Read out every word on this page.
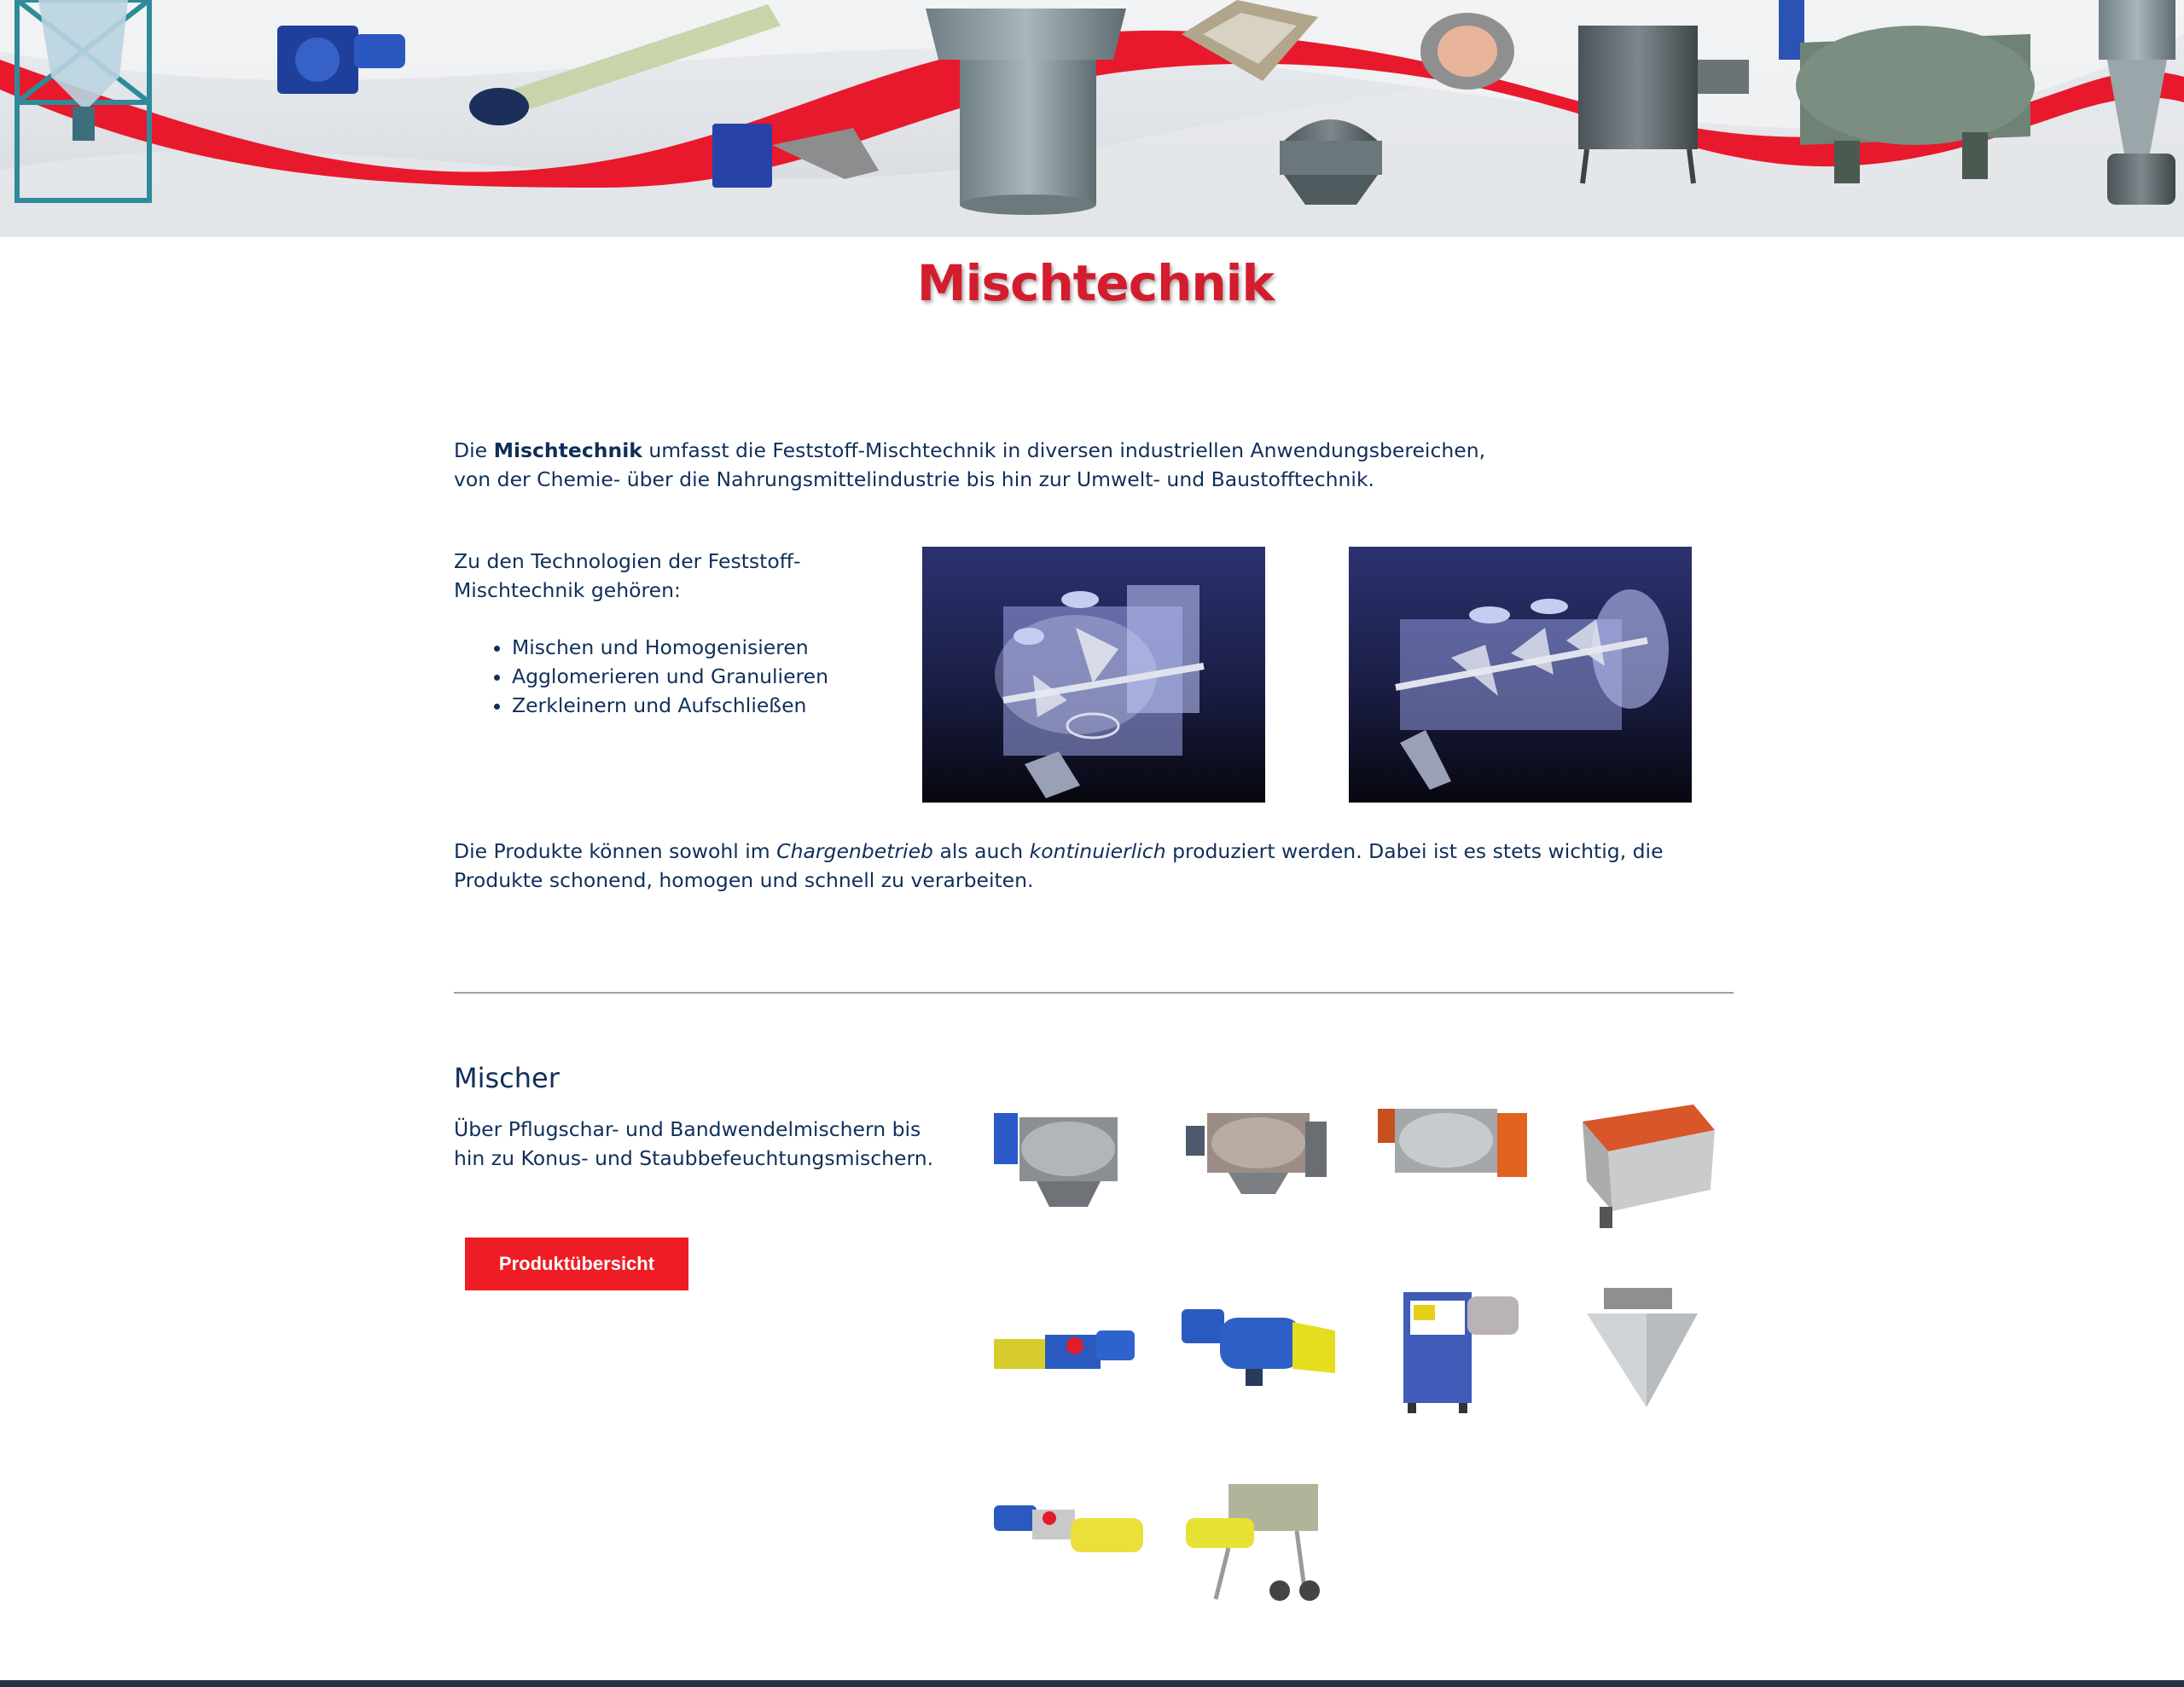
Mischtechnik

Die Mischtechnik umfasst die Feststoff-Mischtechnik in diversen industriellen Anwendungsbereichen, von der Chemie- über die Nahrungsmittelindustrie bis hin zur Umwelt- und Baustofftechnik.

Zu den Technologien der Feststoff-Mischtechnik gehören:

• Mischen und Homogenisieren
• Agglomerieren und Granulieren
• Zerkleinern und Aufschließen

Die Produkte können sowohl im Chargenbetrieb als auch kontinuierlich produziert werden. Dabei ist es stets wichtig, die Produkte schonend, homogen und schnell zu verarbeiten.

Mischer

Über Pflugschar- und Bandwendelmischern bis hin zu Konus- und Staubbefeuchtungsmischern.

Produktübersicht
